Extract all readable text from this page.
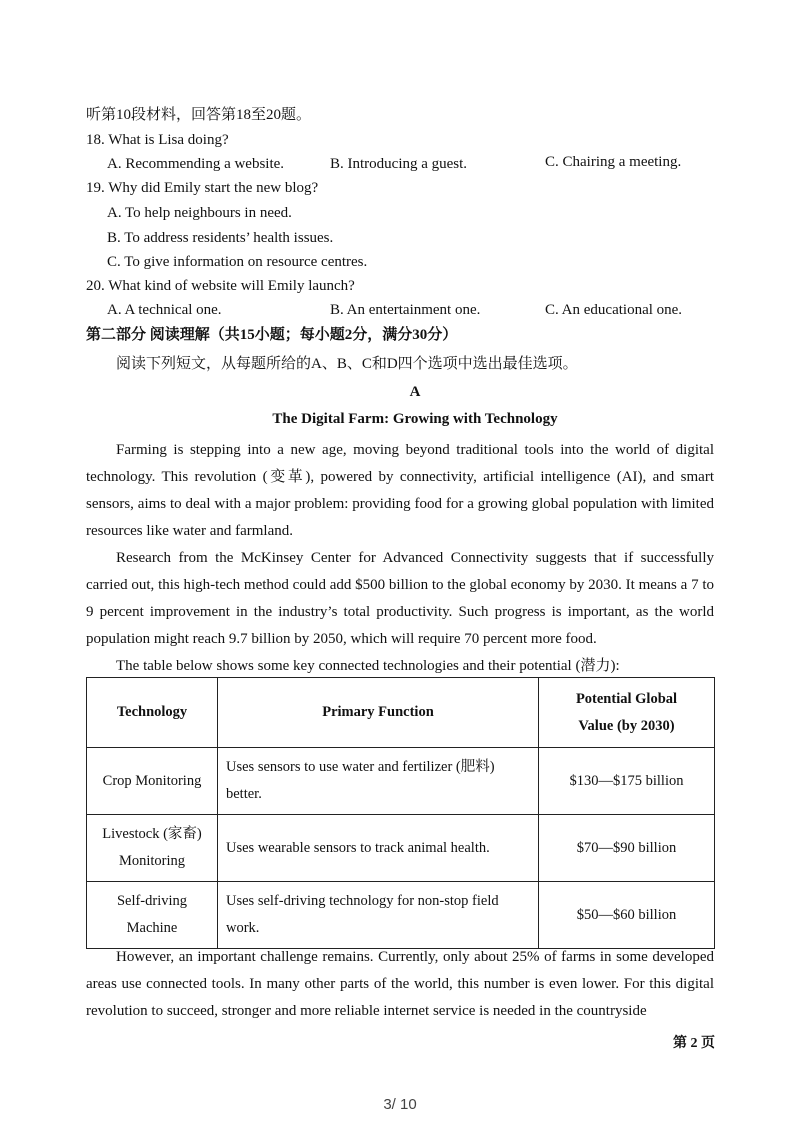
听第10段材料，回答第18至20题。
18. What is Lisa doing?
A. Recommending a website.	B. Introducing a guest.	C. Chairing a meeting.
19. Why did Emily start the new blog?
A. To help neighbours in need.
B. To address residents’ health issues.
C. To give information on resource centres.
20. What kind of website will Emily launch?
A. A technical one.	B. An entertainment one.	C. An educational one.
第二部分 阅读理解（共15小题；每小题2分，满分30分）
阅读下列短文，从每题所给的A、B、C和D四个选项中选出最佳选项。
A
The Digital Farm: Growing with Technology
Farming is stepping into a new age, moving beyond traditional tools into the world of digital technology. This revolution (变革), powered by connectivity, artificial intelligence (AI), and smart sensors, aims to deal with a major problem: providing food for a growing global population with limited resources like water and farmland.
Research from the McKinsey Center for Advanced Connectivity suggests that if successfully carried out, this high-tech method could add $500 billion to the global economy by 2030. It means a 7 to 9 percent improvement in the industry’s total productivity. Such progress is important, as the world population might reach 9.7 billion by 2050, which will require 70 percent more food.
The table below shows some key connected technologies and their potential (潜力):
Technology	Primary Function	Potential Global Value (by 2030)
Crop Monitoring	Uses sensors to use water and fertilizer (肥料) better.	$130—$175 billion
Livestock (家畜) Monitoring	Uses wearable sensors to track animal health.	$70—$90 billion
Self-driving Machine	Uses self-driving technology for non-stop field work.	$50—$60 billion
However, an important challenge remains. Currently, only about 25% of farms in some developed areas use connected tools. In many other parts of the world, this number is even lower. For this digital revolution to succeed, stronger and more reliable internet service is needed in the countryside
第 2 页
3/ 10
